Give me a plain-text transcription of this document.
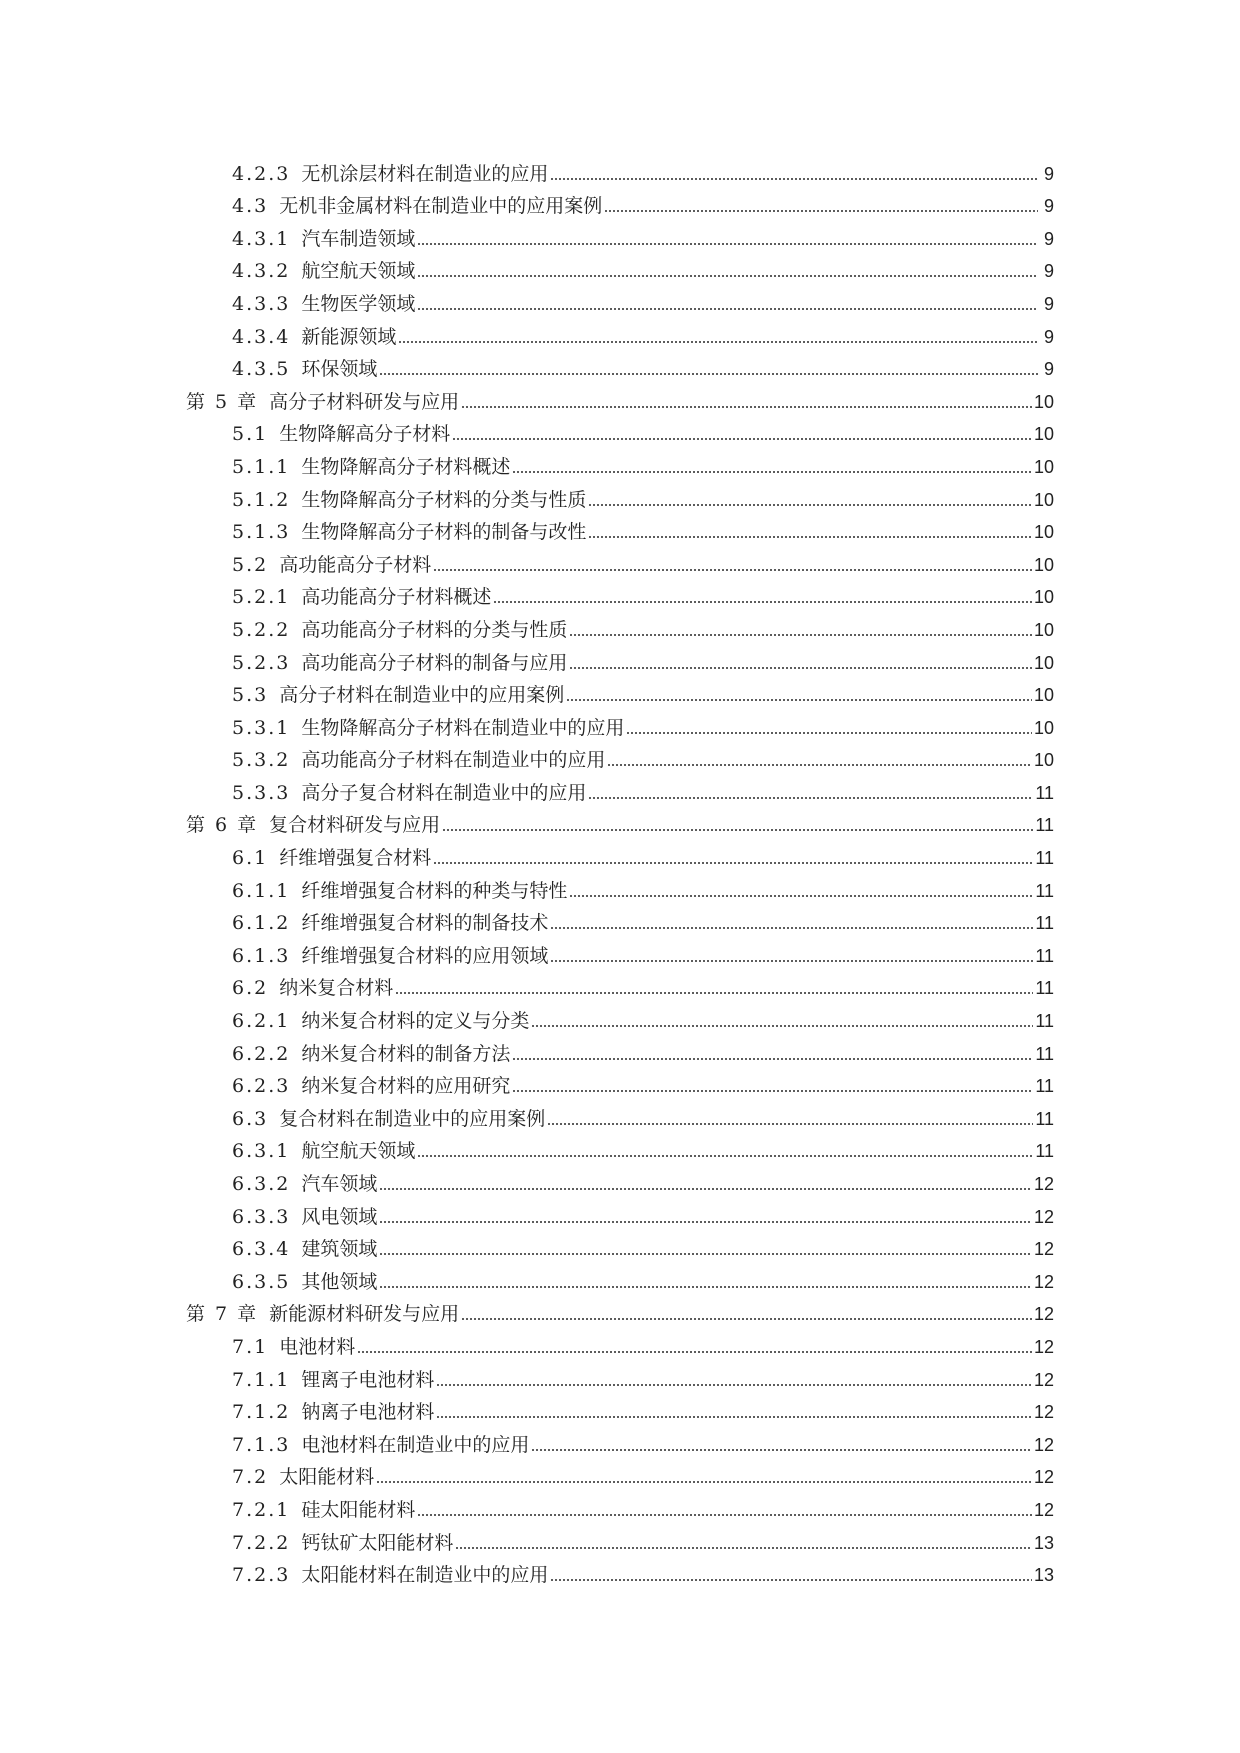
4.2.3 无机涂层材料在制造业的应用	9
4.3 无机非金属材料在制造业中的应用案例	9
4.3.1 汽车制造领域	9
4.3.2 航空航天领域	9
4.3.3 生物医学领域	9
4.3.4 新能源领域	9
4.3.5 环保领域	9
第 5 章 高分子材料研发与应用	10
5.1 生物降解高分子材料	10
5.1.1 生物降解高分子材料概述	10
5.1.2 生物降解高分子材料的分类与性质	10
5.1.3 生物降解高分子材料的制备与改性	10
5.2 高功能高分子材料	10
5.2.1 高功能高分子材料概述	10
5.2.2 高功能高分子材料的分类与性质	10
5.2.3 高功能高分子材料的制备与应用	10
5.3 高分子材料在制造业中的应用案例	10
5.3.1 生物降解高分子材料在制造业中的应用	10
5.3.2 高功能高分子材料在制造业中的应用	10
5.3.3 高分子复合材料在制造业中的应用	11
第 6 章 复合材料研发与应用	11
6.1 纤维增强复合材料	11
6.1.1 纤维增强复合材料的种类与特性	11
6.1.2 纤维增强复合材料的制备技术	11
6.1.3 纤维增强复合材料的应用领域	11
6.2 纳米复合材料	11
6.2.1 纳米复合材料的定义与分类	11
6.2.2 纳米复合材料的制备方法	11
6.2.3 纳米复合材料的应用研究	11
6.3 复合材料在制造业中的应用案例	11
6.3.1 航空航天领域	11
6.3.2 汽车领域	12
6.3.3 风电领域	12
6.3.4 建筑领域	12
6.3.5 其他领域	12
第 7 章 新能源材料研发与应用	12
7.1 电池材料	12
7.1.1 锂离子电池材料	12
7.1.2 钠离子电池材料	12
7.1.3 电池材料在制造业中的应用	12
7.2 太阳能材料	12
7.2.1 硅太阳能材料	12
7.2.2 钙钛矿太阳能材料	13
7.2.3 太阳能材料在制造业中的应用	13
